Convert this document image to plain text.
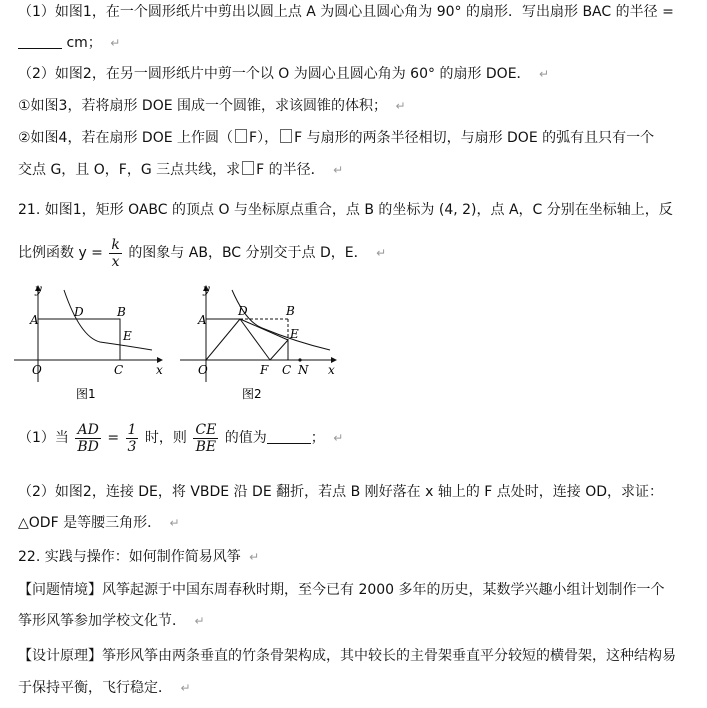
（1）如图1，在一个圆形纸片中剪出以圆上点 A 为圆心且圆心角为 90° 的扇形．写出扇形 BAC 的半径 =
cm； ↵
（2）如图2，在另一圆形纸片中剪一个以 O 为圆心且圆心角为 60° 的扇形 DOE． ↵
①如图3，若将扇形 DOE 围成一个圆锥，求该圆锥的体积； ↵
②如图4，若在扇形 DOE 上作圆（ F）， F 与扇形的两条半径相切，与扇形 DOE 的弧有且只有一个
交点 G，且 O，F，G 三点共线，求 F 的半径． ↵
21. 如图1，矩形 OABC 的顶点 O 与坐标原点重合，点 B 的坐标为 (4, 2)，点 A，C 分别在坐标轴上，反
比例函数 $y = \frac{k}{x}$ 的图象与 AB，BC 分别交于点 D，E． ↵
y
x
O
A
D	B
E
C
图1
y
x
O
A
D	B
E
F C N
图2
（1）当 $\frac{AD}{BD} = \frac{1}{3}$ 时，则 $\frac{CE}{BE}$ 的值为	； ↵
（2）如图2，连接 DE，将 VBDE 沿 DE 翻折，若点 B 刚好落在 x 轴上的 F 点处时，连接 OD，求证：
△ODF 是等腰三角形． ↵
22. 实践与操作：如何制作简易风筝 ↵
【问题情境】风筝起源于中国东周春秋时期，至今已有 2000 多年的历史，某数学兴趣小组计划制作一个
筝形风筝参加学校文化节． ↵
【设计原理】筝形风筝由两条垂直的竹条骨架构成，其中较长的主骨架垂直平分较短的横骨架，这种结构易
于保持平衡，飞行稳定． ↵
